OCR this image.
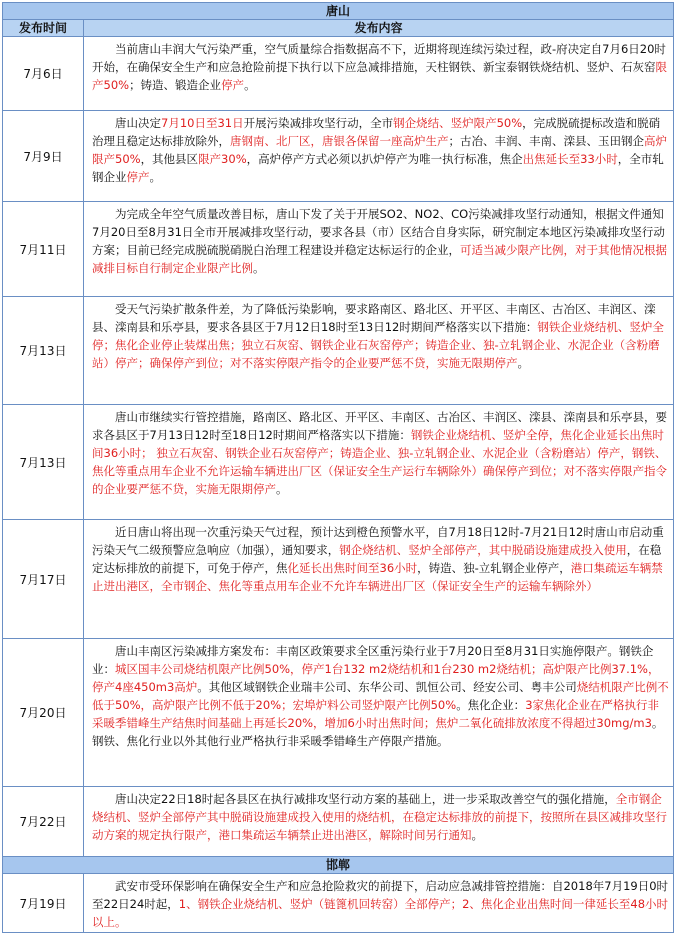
唐山
发布时间	发布内容
7月6日
当前唐山丰润大气污染严重，空气质量综合指数据高不下，近期将现连续污染过程，政-府决定自7月6日20时开始，在确保安全生产和应急抢险前提下执行以下应急减排措施，天柱钢铁、新宝泰钢铁烧结机、竖炉、石灰窑限产50%；铸造、锻造企业停产。
7月9日
唐山决定7月10日至31日开展污染减排攻坚行动，全市钢企烧结、竖炉限产50%，完成脱硫提标改造和脱硝治理且稳定达标排放除外，唐钢南、北厂区，唐银各保留一座高炉生产；古冶、丰润、丰南、滦县、玉田钢企高炉限产50%，其他县区限产30%，高炉停产方式必须以扒炉停产为唯一执行标准，焦企出焦延长至33小时，全市轧钢企业停产。
7月11日
为完成全年空气质量改善目标，唐山下发了关于开展SO2、NO2、CO污染减排攻坚行动通知，根据文件通知7月20日至8月31日全市开展减排攻坚行动，要求各县（市）区结合自身实际，研究制定本地区污染减排攻坚行动方案；目前已经完成脱硫脱硝脱白治理工程建设并稳定达标运行的企业，可适当减少限产比例，对于其他情况根据减排目标自行制定企业限产比例。
7月13日
受天气污染扩散条件差，为了降低污染影响，要求路南区、路北区、开平区、丰南区、古冶区、丰润区、滦县、滦南县和乐亭县，要求各县区于7月12日18时至13日12时期间严格落实以下措施：钢铁企业烧结机、竖炉全停；焦化企业停止装煤出焦；独立石灰窑、钢铁企业石灰窑停产；铸造企业、独-立轧钢企业、水泥企业（含粉磨站）停产；确保停产到位；对不落实停限产指令的企业要严惩不贷，实施无限期停产。
7月13日
唐山市继续实行管控措施，路南区、路北区、开平区、丰南区、古冶区、丰润区、滦县、滦南县和乐亭县，要求各县区于7月13日12时至18日12时期间严格落实以下措施：钢铁企业烧结机、竖炉全停，焦化企业延长出焦时间36小时； 独立石灰窑、钢铁企业石灰窑停产；铸造企业、独-立轧钢企业、水泥企业（含粉磨站）停产，钢铁、焦化等重点用车企业不允许运输车辆进出厂区（保证安全生产运行车辆除外）确保停产到位；对不落实停限产指令的企业要严惩不贷，实施无限期停产。
7月17日
近日唐山将出现一次重污染天气过程，预计达到橙色预警水平，自7月18日12时-7月21日12时唐山市启动重污染天气二级预警应急响应（加强），通知要求，钢企烧结机、竖炉全部停产，其中脱硝设施建成投入使用，在稳定达标排放的前提下，可免于停产，焦化延长出焦时间至36小时，铸造、独-立轧钢企业停产，港口集疏运车辆禁止进出港区，全市钢企、焦化等重点用车企业不允许车辆进出厂区（保证安全生产的运输车辆除外）
7月20日
唐山丰南区污染减排方案发布：丰南区政策要求全区重污染行业于7月20日至8月31日实施停限产。钢铁企业：城区国丰公司烧结机限产比例50%，停产1台132 m2烧结机和1台230 m2烧结机；高炉限产比例37.1%，停产4座450m3高炉。其他区域钢铁企业瑞丰公司、东华公司、凯恒公司、经安公司、粤丰公司烧结机限产比例不低于50%，高炉限产比例不低于20%；宏埠炉料公司竖炉限产比例50%。焦化企业：3家焦化企业在严格执行非采暖季错峰生产结焦时间基础上再延长20%，增加6小时出焦时间；焦炉二氧化硫排放浓度不得超过30mg/m3。钢铁、焦化行业以外其他行业严格执行非采暖季错峰生产停限产措施。
7月22日
唐山决定22日18时起各县区在执行减排攻坚行动方案的基础上，进一步采取改善空气的强化措施，全市钢企烧结机、竖炉全部停产其中脱硝设施建成投入使用的烧结机，在稳定达标排放的前提下，按照所在县区减排攻坚行动方案的规定执行限产，港口集疏运车辆禁止进出港区，解除时间另行通知。
邯郸
7月19日
武安市受环保影响在确保安全生产和应急抢险救灾的前提下，启动应急减排管控措施：自2018年7月19日0时至22日24时起，1、钢铁企业烧结机、竖炉（链篦机回转窑）全部停产；2、焦化企业出焦时间一律延长至48小时以上。
